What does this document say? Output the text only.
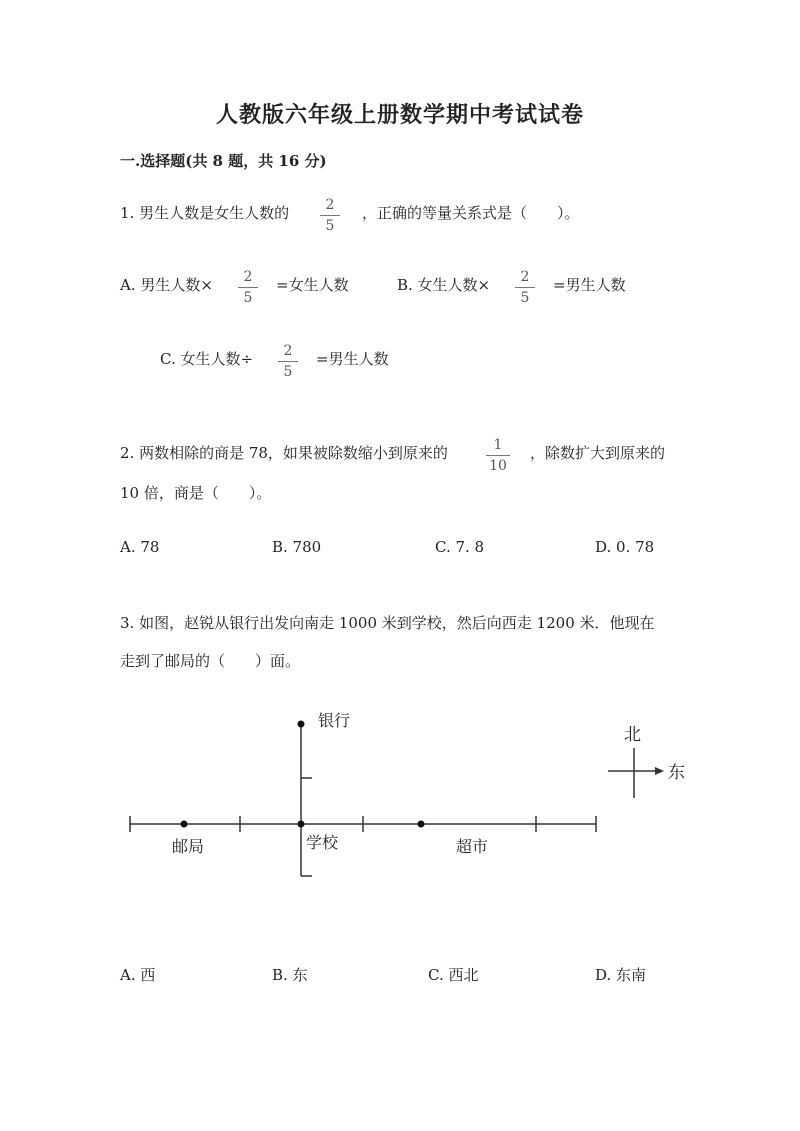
人教版六年级上册数学期中考试试卷
一.选择题(共 8 题，共 16 分)
1. 男生人数是女生人数的	2
5
，正确的等量关系式是（　　）。
A. 男生人数×	2
5
=女生人数	B. 女生人数×	2
5
=男生人数
C. 女生人数÷	2
5
=男生人数
2. 两数相除的商是 78，如果被除数缩小到原来的	1
10
，除数扩大到原来的
10 倍，商是（　　）。
A. 78	B. 780	C. 7. 8	D. 0. 78
3. 如图，赵锐从银行出发向南走 1000 米到学校，然后向西走 1200 米．他现在
走到了邮局的（　　）面。
银行
学校
邮局	超市
北
东
A. 西	B. 东	C. 西北	D. 东南
